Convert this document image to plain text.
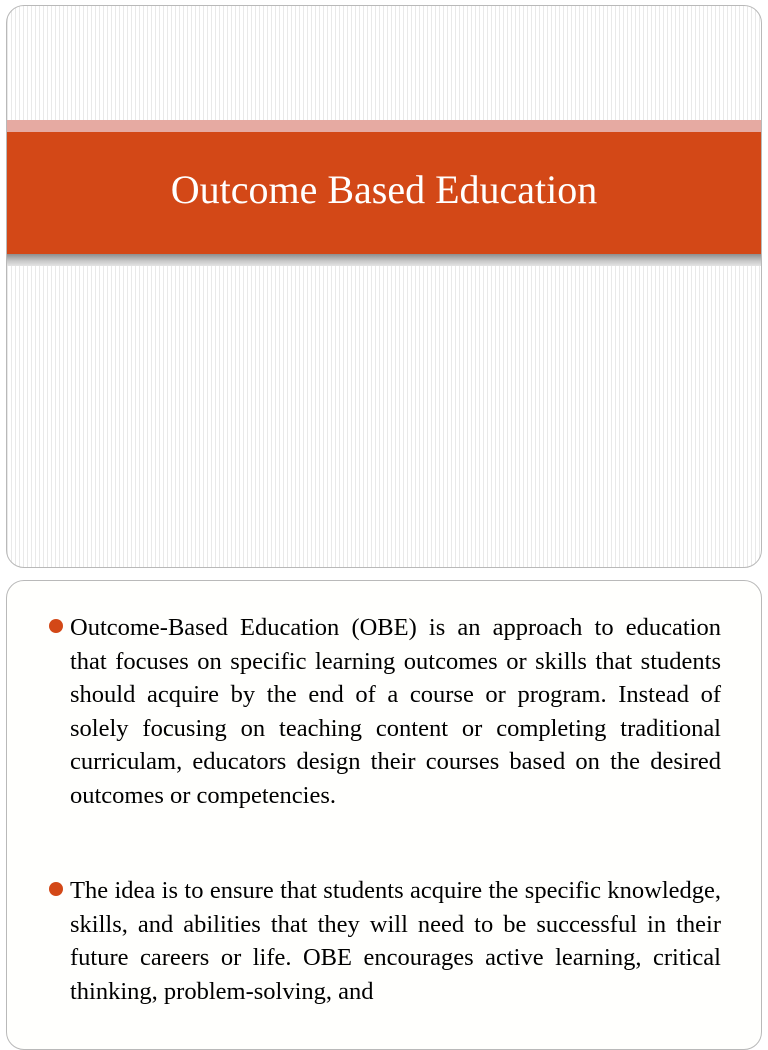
Outcome Based Education
Outcome-Based Education (OBE) is an approach to education that focuses on specific learning outcomes or skills that students should acquire by the end of a course or program. Instead of solely focusing on teaching content or completing traditional curriculam, educators design their courses based on the desired outcomes or competencies.
The idea is to ensure that students acquire the specific knowledge, skills, and abilities that they will need to be successful in their future careers or life. OBE encourages active learning, critical thinking, problem-solving, and
